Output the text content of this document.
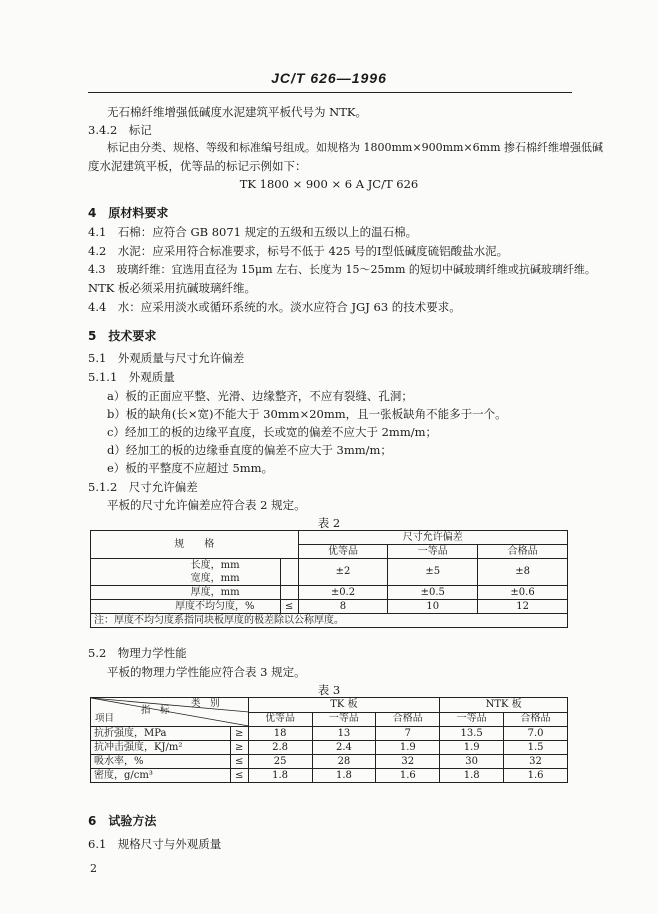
JC/T 626—1996
无石棉纤维增强低碱度水泥建筑平板代号为 NTK。
3.4.2　标记
标记由分类、规格、等级和标准编号组成。如规格为 1800mm×900mm×6mm 掺石棉纤维增强低碱
度水泥建筑平板，优等品的标记示例如下：
TK 1800 × 900 × 6 A JC/T 626
4　原材料要求
4.1　石棉：应符合 GB 8071 规定的五级和五级以上的温石棉。
4.2　水泥：应采用符合标准要求，标号不低于 425 号的Ⅰ型低碱度硫铝酸盐水泥。
4.3　玻璃纤维：宜选用直径为 15μm 左右、长度为 15～25mm 的短切中碱玻璃纤维或抗碱玻璃纤维。
NTK 板必须采用抗碱玻璃纤维。
4.4　水：应采用淡水或循环系统的水。淡水应符合 JGJ 63 的技术要求。
5　技术要求
5.1　外观质量与尺寸允许偏差
5.1.1　外观质量
a）板的正面应平整、光滑、边缘整齐，不应有裂缝、孔洞；
b）板的缺角(长×宽)不能大于 30mm×20mm，且一张板缺角不能多于一个。
c）经加工的板的边缘平直度，长或宽的偏差不应大于 2mm/m；
d）经加工的板的边缘垂直度的偏差不应大于 3mm/m；
e）板的平整度不应超过 5mm。
5.1.2　尺寸允许偏差
平板的尺寸允许偏差应符合表 2 规定。
表 2
规　　格		尺寸允许偏差		
		优等品	一等品	合格品
长度，mm		±2	±5	±8
宽度，mm				
厚度，mm		±0.2	±0.5	±0.6
厚度不均匀度，%	≤	8	10	12
注：厚度不均匀度系指同块板厚度的极差除以公称厚度。				
5.2　物理力学性能
平板的物理力学性能应符合表 3 规定。
表 3
类　别
指　标
项目		TK 板			NTK 板	
		优等品	一等品	合格品	一等品	合格品
抗折强度，MPa	≥	18	13	7	13.5	7.0
抗冲击强度，KJ/m²	≥	2.8	2.4	1.9	1.9	1.5
吸水率，%	≤	25	28	32	30	32
密度，g/cm³	≤	1.8	1.8	1.6	1.8	1.6
6　试验方法
6.1　规格尺寸与外观质量
2
